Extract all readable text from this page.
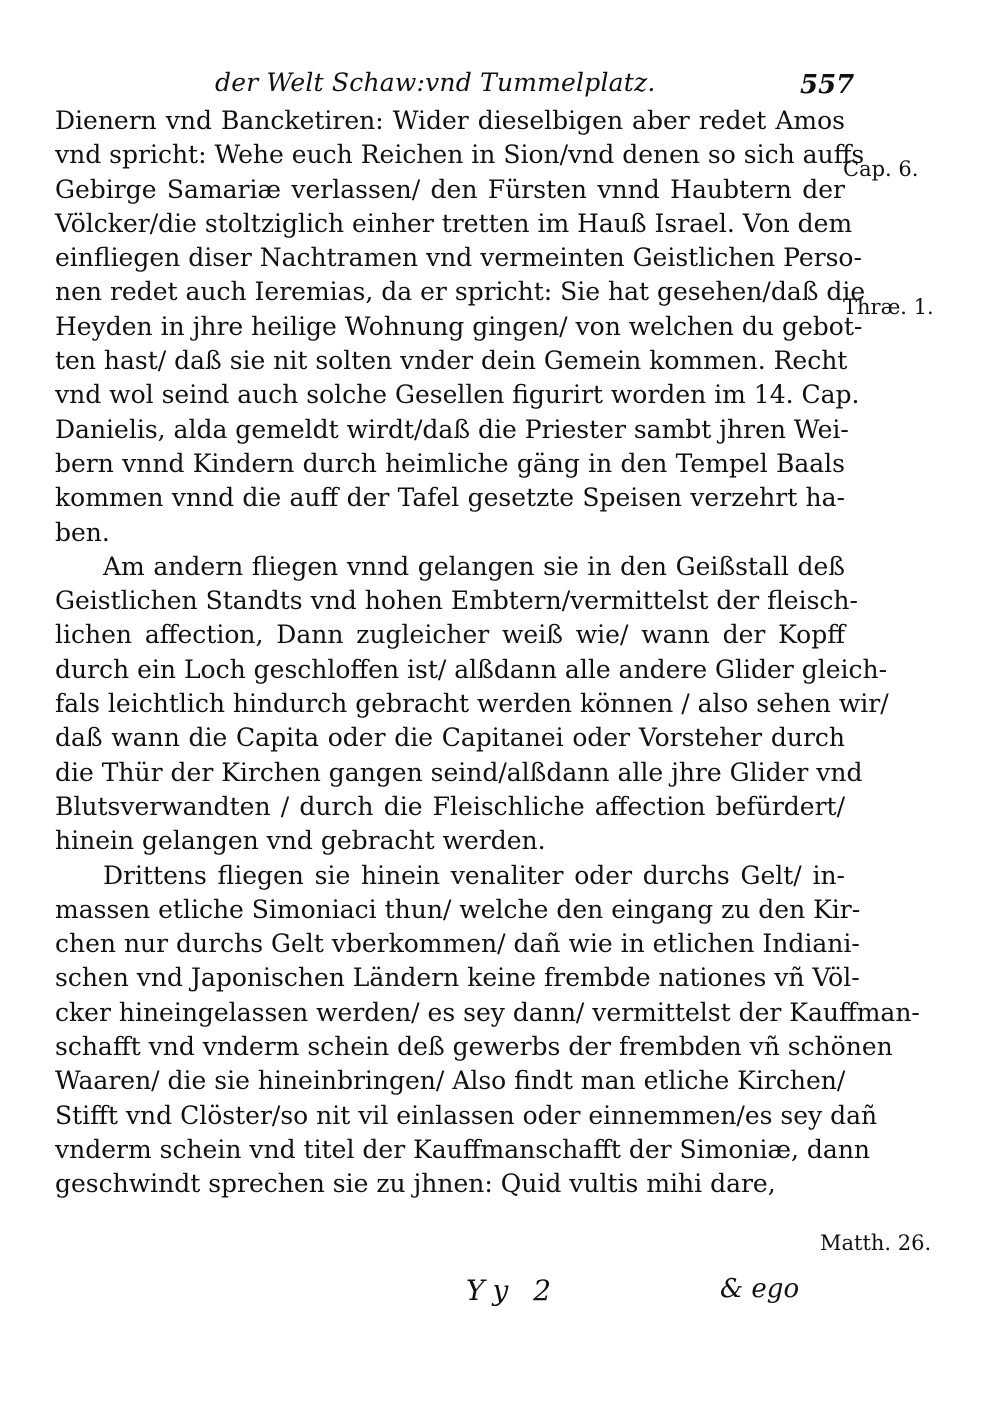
der Welt Schaw:vnd Tummelplatz.	557
Dienern vnd Bancketiren: Wider dieselbigen aber redet Amos
vnd spricht: Wehe euch Reichen in Sion/vnd denen so sich auffs
Gebirge Samariæ verlassen/ den Fürsten vnnd Haubtern der
Völcker/die stoltziglich einher tretten im Hauß Israel. Von dem
einfliegen diser Nachtramen vnd vermeinten Geistlichen Perso-
nen redet auch Ieremias, da er spricht: Sie hat gesehen/daß die
Heyden in jhre heilige Wohnung gingen/ von welchen du gebot-
ten hast/ daß sie nit solten vnder dein Gemein kommen. Recht
vnd wol seind auch solche Gesellen figurirt worden im 14. Cap.
Danielis, alda gemeldt wirdt/daß die Priester sambt jhren Wei-
bern vnnd Kindern durch heimliche gäng in den Tempel Baals
kommen vnnd die auff der Tafel gesetzte Speisen verzehrt ha-
ben.
Am andern fliegen vnnd gelangen sie in den Geißstall deß
Geistlichen Standts vnd hohen Embtern/vermittelst der fleisch-
lichen affection, Dann zugleicher weiß wie/ wann der Kopff
durch ein Loch geschloffen ist/ alßdann alle andere Glider gleich-
fals leichtlich hindurch gebracht werden können / also sehen wir/
daß wann die Capita oder die Capitanei oder Vorsteher durch
die Thür der Kirchen gangen seind/alßdann alle jhre Glider vnd
Blutsverwandten / durch die Fleischliche affection befürdert/
hinein gelangen vnd gebracht werden.
Drittens fliegen sie hinein venaliter oder durchs Gelt/ in-
massen etliche Simoniaci thun/ welche den eingang zu den Kir-
chen nur durchs Gelt vberkommen/ dañ wie in etlichen Indiani-
schen vnd Japonischen Ländern keine frembde nationes vñ Völ-
cker hineingelassen werden/ es sey dann/ vermittelst der Kauffman-
schafft vnd vnderm schein deß gewerbs der frembden vñ schönen
Waaren/ die sie hineinbringen/ Also findt man etliche Kirchen/
Stifft vnd Clöster/so nit vil einlassen oder einnemmen/es sey dañ
vnderm schein vnd titel der Kauffmanschafft der Simoniæ, dann
geschwindt sprechen sie zu jhnen: Quid vultis mihi dare,
Cap. 6.
Thræ. 1.
Matth. 26.
Yy 2	& ego
